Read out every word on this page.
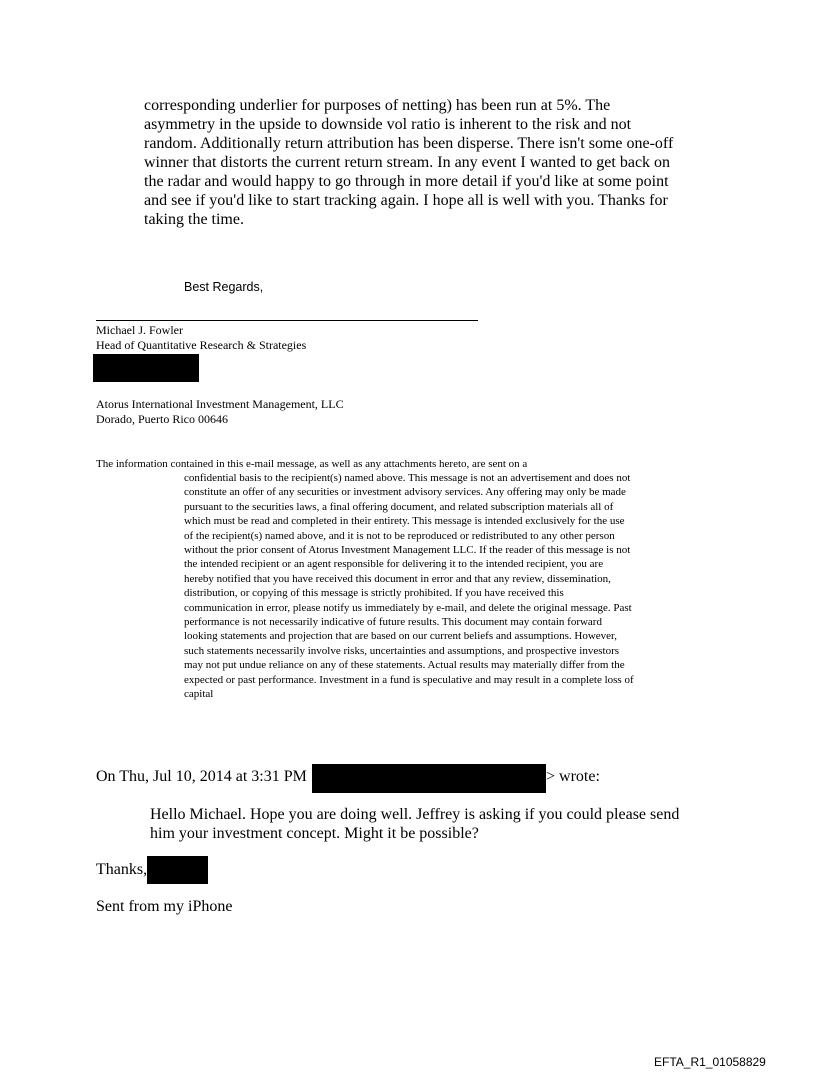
corresponding underlier for purposes of netting) has been run at 5%. The asymmetry in the upside to downside vol ratio is inherent to the risk and not random. Additionally return attribution has been disperse. There isn't some one-off winner that distorts the current return stream. In any event I wanted to get back on the radar and would happy to go through in more detail if you'd like at some point and see if you'd like to start tracking again. I hope all is well with you. Thanks for taking the time.

Best Regards,
Michael J. Fowler
Head of Quantitative Research & Strategies
Atorus International Investment Management, LLC
Dorado, Puerto Rico 00646
The information contained in this e-mail message, as well as any attachments hereto, are sent on a

confidential basis to the recipient(s) named above. This message is not an advertisement and does not constitute an offer of any securities or investment advisory services. Any offering may only be made pursuant to the securities laws, a final offering document, and related subscription materials all of which must be read and completed in their entirety. This message is intended exclusively for the use of the recipient(s) named above, and it is not to be reproduced or redistributed to any other person without the prior consent of Atorus Investment Management LLC. If the reader of this message is not the intended recipient or an agent responsible for delivering it to the intended recipient, you are hereby notified that you have received this document in error and that any review, dissemination, distribution, or copying of this message is strictly prohibited. If you have received this communication in error, please notify us immediately by e-mail, and delete the original message. Past performance is not necessarily indicative of future results. This document may contain forward looking statements and projection that are based on our current beliefs and assumptions. However, such statements necessarily involve risks, uncertainties and assumptions, and prospective investors may not put undue reliance on any of these statements. Actual results may materially differ from the expected or past performance. Investment in a fund is speculative and may result in a complete loss of capital

On Thu, Jul 10, 2014 at 3:31 PM	> wrote:

Hello Michael. Hope you are doing well. Jeffrey is asking if you could please send him your investment concept. Might it be possible?

Thanks,
Sent from my iPhone
EFTA_R1_01058829
